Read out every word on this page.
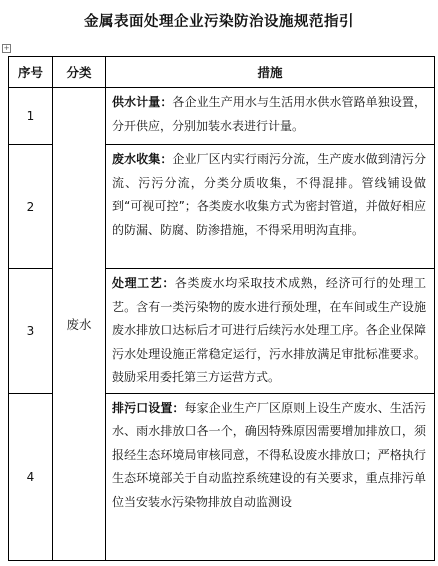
金属表面处理企业污染防治设施规范指引
+
序号	分类	措施
1	废水	供水计量：各企业生产用水与生活用水供水管路单独设置，分开供应，分别加装水表进行计量。
2		废水收集：企业厂区内实行雨污分流，生产废水做到清污分流、污污分流，分类分质收集，不得混排。管线铺设做到“可视可控”；各类废水收集方式为密封管道，并做好相应的防漏、防腐、防渗措施，不得采用明沟直排。
3		处理工艺：各类废水均采取技术成熟，经济可行的处理工艺。含有一类污染物的废水进行预处理，在车间或生产设施废水排放口达标后才可进行后续污水处理工序。各企业保障污水处理设施正常稳定运行，污水排放满足审批标准要求。鼓励采用委托第三方运营方式。
4		排污口设置：每家企业生产厂区原则上设生产废水、生活污水、雨水排放口各一个，确因特殊原因需要增加排放口，须报经生态环境局审核同意，不得私设废水排放口；严格执行生态环境部关于自动监控系统建设的有关要求，重点排污单位当安装水污染物排放自动监测设
